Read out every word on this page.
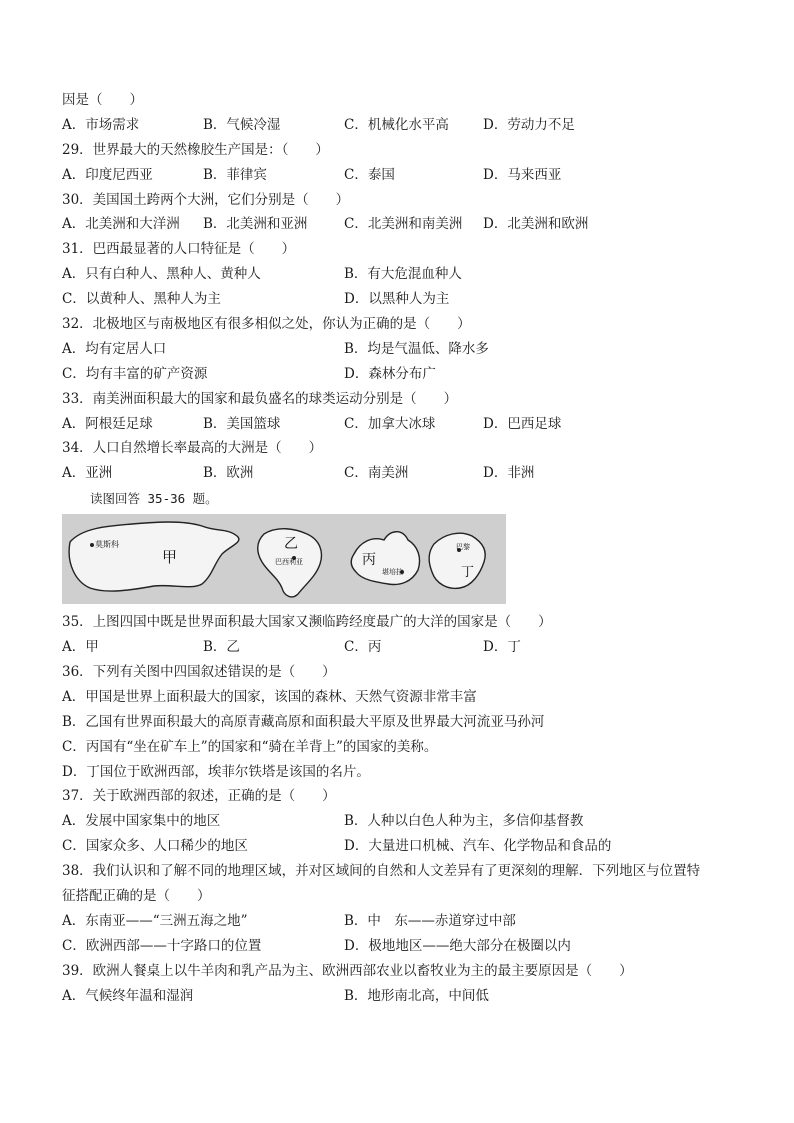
因是（　　）
A．市场需求	B．气候冷湿	C．机械化水平高	D．劳动力不足
29．世界最大的天然橡胶生产国是：（　　）
A．印度尼西亚	B．菲律宾	C．泰国	D．马来西亚
30．美国国土跨两个大洲，它们分别是（　　）
A．北美洲和大洋洲 B．北美洲和亚洲	C．北美洲和南美洲 D．北美洲和欧洲
31．巴西最显著的人口特征是（　　）
A．只有白种人、黑种人、黄种人	B．有大危混血种人
C．以黄种人、黑种人为主	D．以黑种人为主
32．北极地区与南极地区有很多相似之处，你认为正确的是（　　）
A．均有定居人口	B．均是气温低、降水多
C．均有丰富的矿产资源	D．森林分布广
33．南美洲面积最大的国家和最负盛名的球类运动分别是（　　）
A．阿根廷足球	B．美国篮球	C．加拿大冰球	D．巴西足球
34．人口自然增长率最高的大洲是（　　）
A．亚洲	B．欧洲	C．南美洲	D．非洲
读图回答 35-36 题。
莫斯科
甲
乙
巴西利亚	丙
堪培拉
巴黎
丁
35．上图四国中既是世界面积最大国家又濒临跨经度最广的大洋的国家是（　　）
A．甲	B．乙	C．丙	D．丁
36．下列有关图中四国叙述错误的是（　　）
A．甲国是世界上面积最大的国家，该国的森林、天然气资源非常丰富
B．乙国有世界面积最大的高原青藏高原和面积最大平原及世界最大河流亚马孙河
C．丙国有“坐在矿车上”的国家和“骑在羊背上”的国家的美称。
D．丁国位于欧洲西部，埃菲尔铁塔是该国的名片。
37．关于欧洲西部的叙述，正确的是（　　）
A．发展中国家集中的地区	B．人种以白色人种为主，多信仰基督教
C．国家众多、人口稀少的地区	D．大量进口机械、汽车、化学物品和食品的
38．我们认识和了解不同的地理区域，并对区域间的自然和人文差异有了更深刻的理解．下列地区与位置特
征搭配正确的是（　　）
A．东南亚——“三洲五海之地”	B．中　东——赤道穿过中部
C．欧洲西部——十字路口的位置	D．极地地区——绝大部分在极圈以内
39．欧洲人餐桌上以牛羊肉和乳产品为主、欧洲西部农业以畜牧业为主的最主要原因是（　　）
A．气候终年温和湿润	B．地形南北高，中间低
